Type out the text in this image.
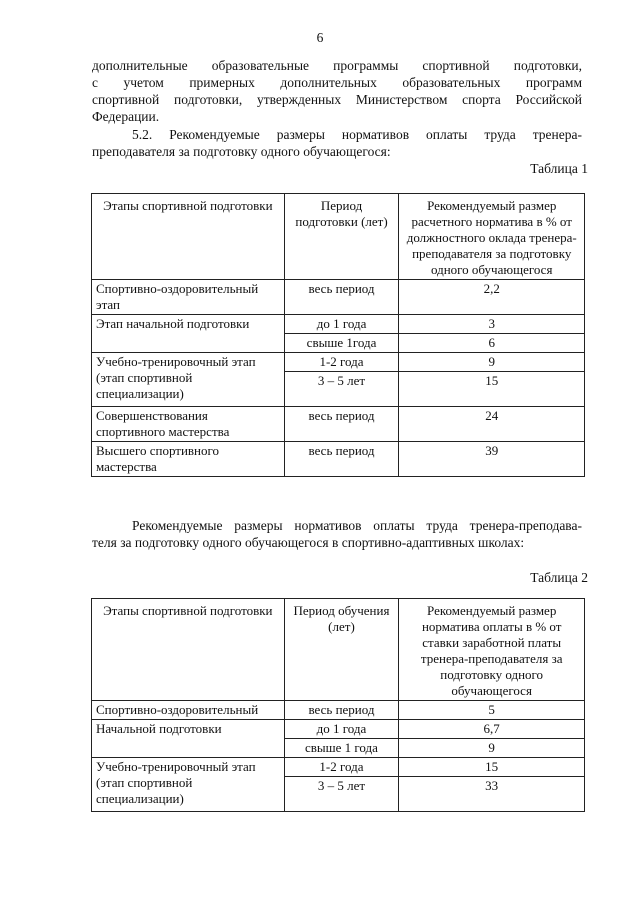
6
дополнительные образовательные программы спортивной подготовки,
с учетом примерных дополнительных образовательных программ
спортивной подготовки, утвержденных Министерством спорта Российской
Федерации.
5.2. Рекомендуемые размеры нормативов оплаты труда тренера-
преподавателя за подготовку одного обучающегося:
Таблица 1
Этапы спортивной подготовки	Период подготовки (лет)	Рекомендуемый размер расчетного норматива в % от должностного оклада тренера-преподавателя за подготовку одного обучающегося
Спортивно-оздоровительный этап	весь период	2,2
Этап начальной подготовки	до 1 года	3
	свыше 1года	6
Учебно-тренировочный этап (этап спортивной специализации)	1-2 года	9
	3 – 5 лет	15
Совершенствования спортивного мастерства	весь период	24
Высшего спортивного мастерства	весь период	39
Рекомендуемые размеры нормативов оплаты труда тренера-преподава-
теля за подготовку одного обучающегося в спортивно-адаптивных школах:
Таблица 2
Этапы спортивной подготовки	Период обучения (лет)	Рекомендуемый размер норматива оплаты в % от ставки заработной платы тренера-преподавателя за подготовку одного обучающегося
Спортивно-оздоровительный	весь период	5
Начальной подготовки	до 1 года	6,7
	свыше 1 года	9
Учебно-тренировочный этап (этап спортивной специализации)	1-2 года	15
	3 – 5 лет	33
